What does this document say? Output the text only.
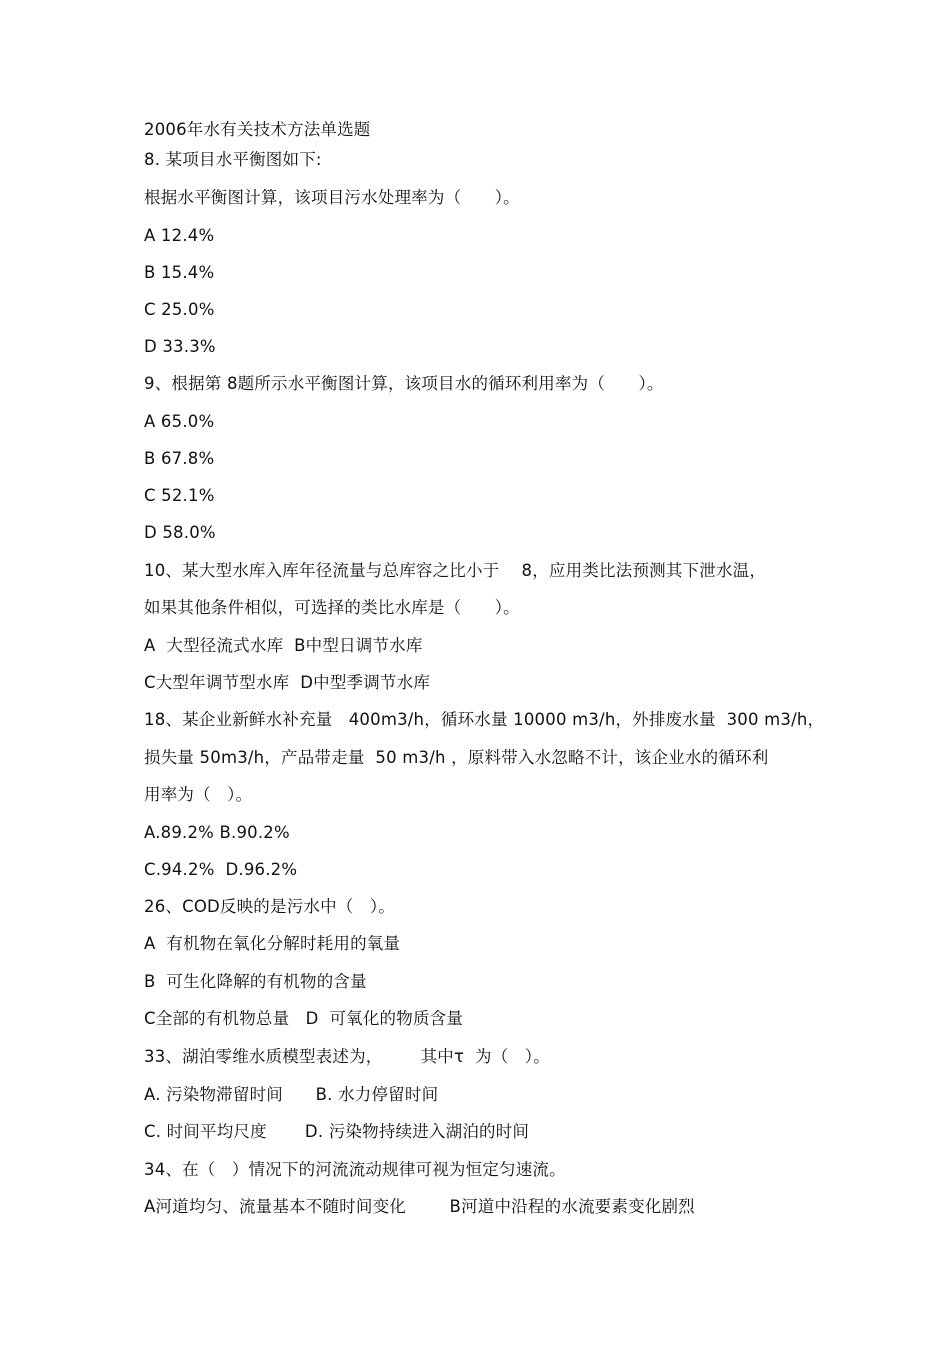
2006年水有关技术方法单选题
8. 某项目水平衡图如下:
根据水平衡图计算，该项目污水处理率为（　　）。
A 12.4%
B 15.4%
C 25.0%
D 33.3%
9、根据第 8题所示水平衡图计算，该项目水的循环利用率为（　　）。
A 65.0%
B 67.8%
C 52.1%
D 58.0%
10、某大型水库入库年径流量与总库容之比小于　 8，应用类比法预测其下泄水温，
如果其他条件相似，可选择的类比水库是（　　）。
A  大型径流式水库  B中型日调节水库
C大型年调节型水库  D中型季调节水库
18、某企业新鲜水补充量   400m3/h，循环水量 10000 m3/h，外排废水量  300 m3/h，
损失量 50m3/h，产品带走量  50 m3/h ，原料带入水忽略不计，该企业水的循环利
用率为（   ）。
A.89.2% B.90.2%
C.94.2%  D.96.2%
26、COD反映的是污水中（   ）。
A  有机物在氧化分解时耗用的氧量
B  可生化降解的有机物的含量
C全部的有机物总量   D  可氧化的物质含量
33、湖泊零维水质模型表述为，       其中τ  为（   ）。
A. 污染物滞留时间      B. 水力停留时间
C. 时间平均尺度       D. 污染物持续进入湖泊的时间
34、在（   ）情况下的河流流动规律可视为恒定匀速流。
A河道均匀、流量基本不随时间变化        B河道中沿程的水流要素变化剧烈
